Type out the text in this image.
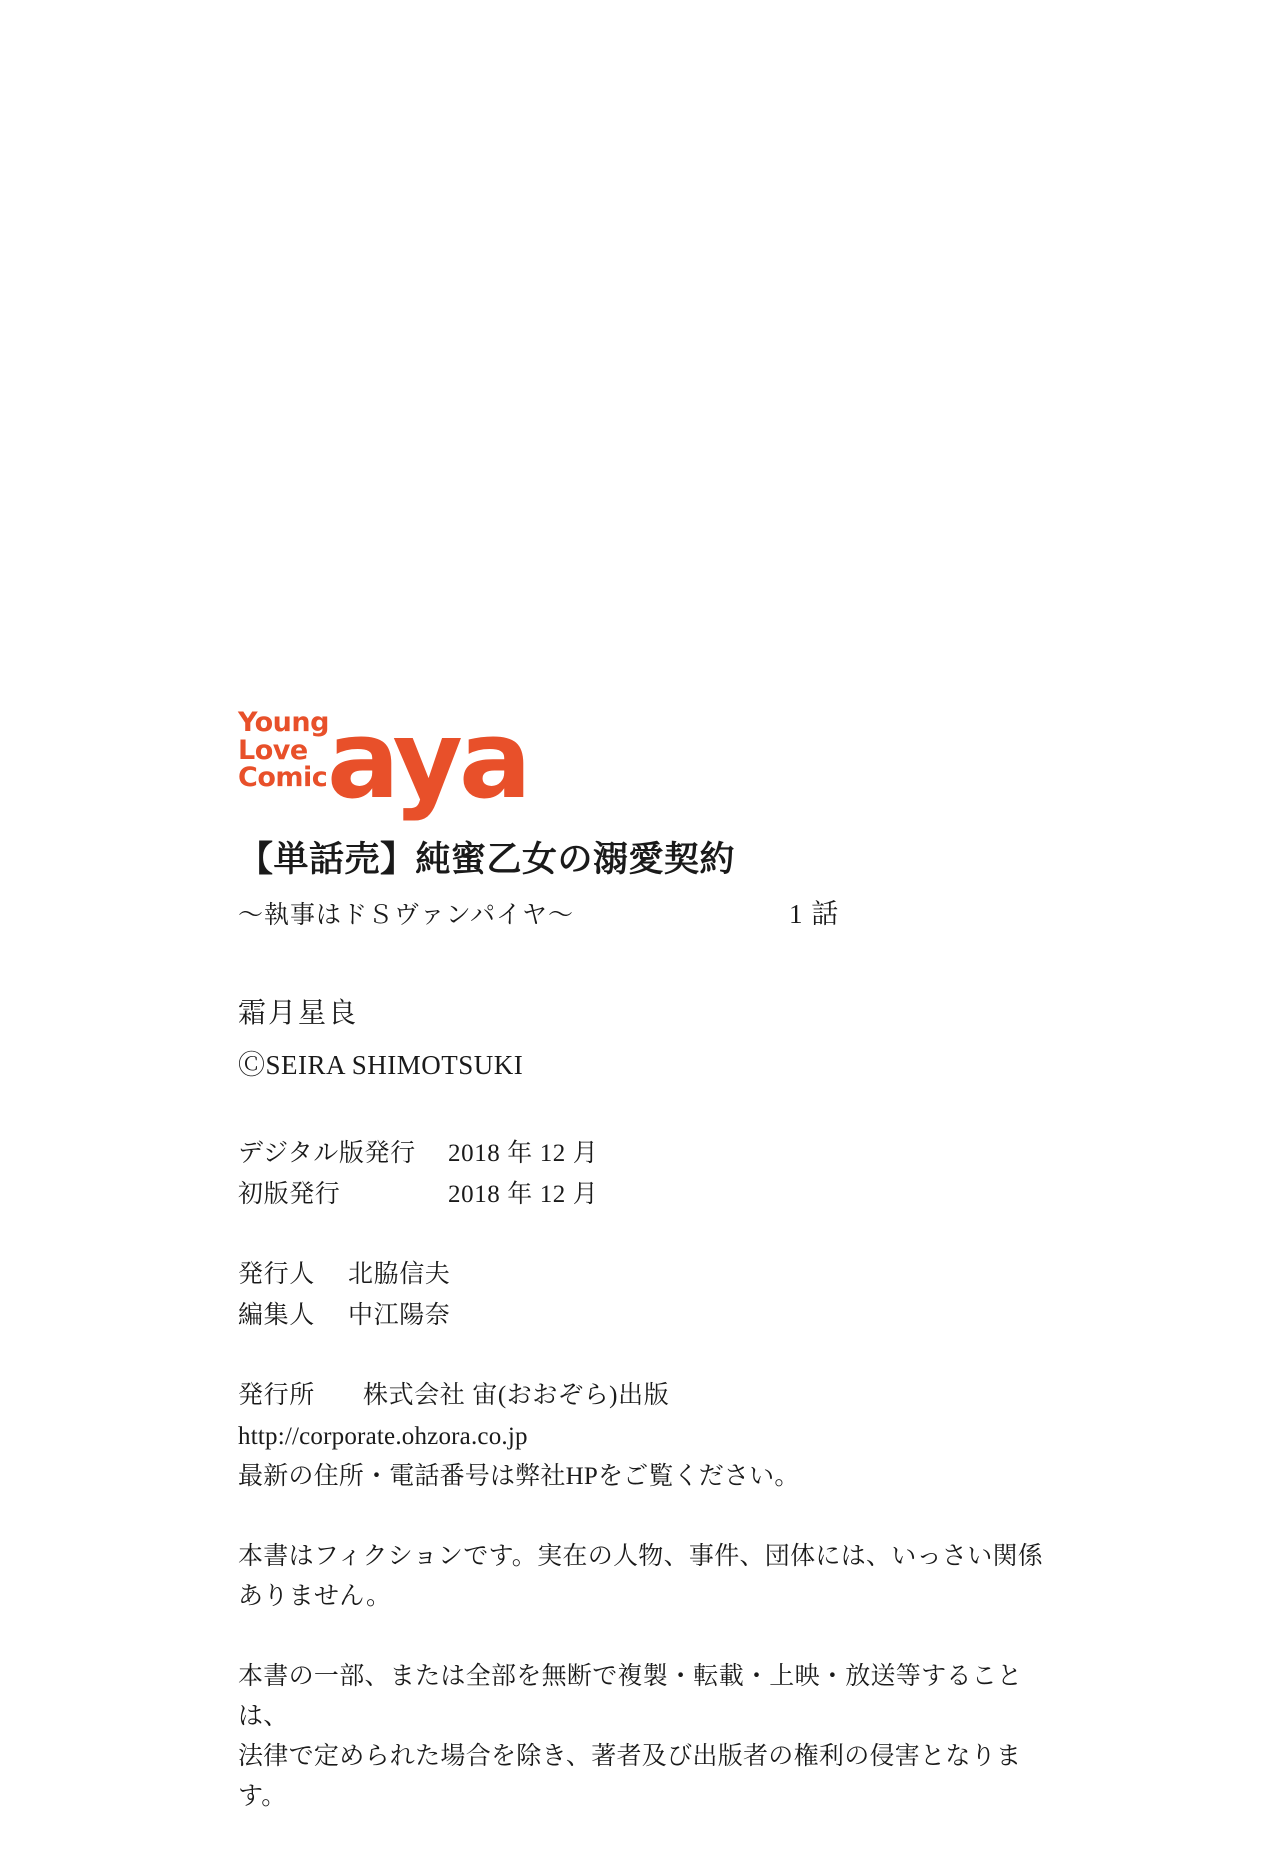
Young
Love
Comic aya
【単話売】純蜜乙女の溺愛契約
〜執事はドＳヴァンパイヤ〜	1 話
霜月星良
ⒸSEIRA SHIMOTSUKI
デジタル版発行 2018 年 12 月
初版発行	2018 年 12 月
発行人 北脇信夫
編集人 中江陽奈
発行所 株式会社 宙(おおぞら)出版
http://corporate.ohzora.co.jp
最新の住所・電話番号は弊社HPをご覧ください。
本書はフィクションです。実在の人物、事件、団体には、いっさい関係
ありません。
本書の一部、または全部を無断で複製・転載・上映・放送等することは、
法律で定められた場合を除き、著者及び出版者の権利の侵害となります。
